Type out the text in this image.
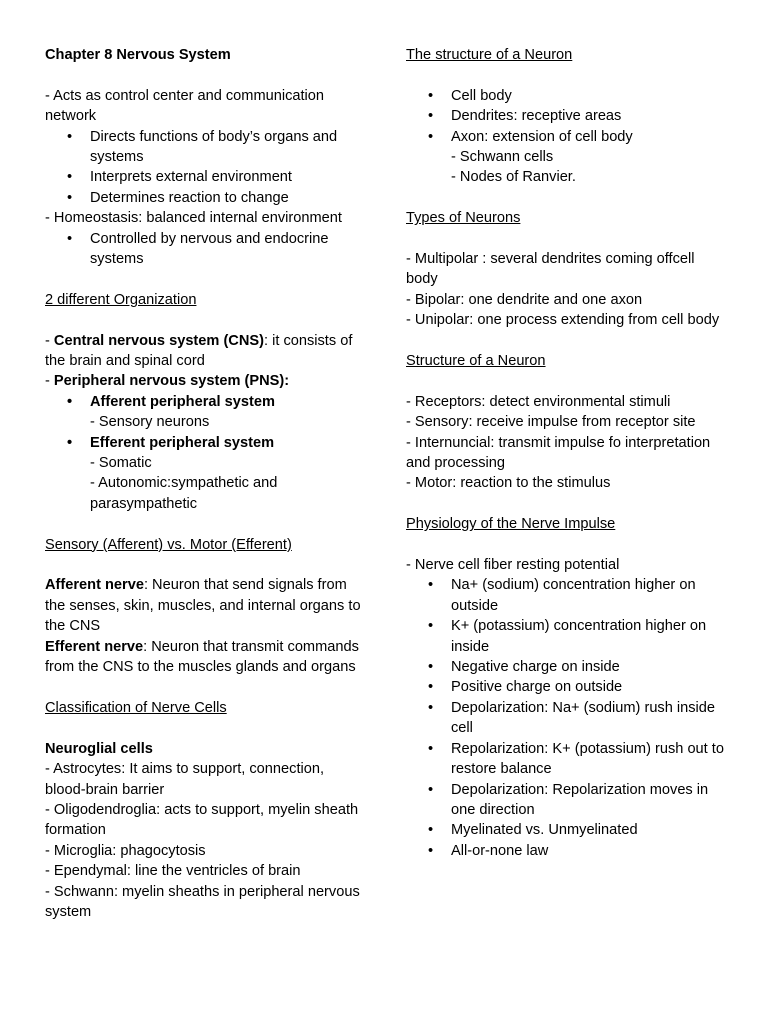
Chapter 8 Nervous System

- Acts as control center and communication network

• Directs functions of body’s organs and systems
• Interprets external environment
• Determines reaction to change

- Homeostasis: balanced internal environment

• Controlled by nervous and endocrine systems

2 different Organization

- Central nervous system (CNS): it consists of the brain and spinal cord

- Peripheral nervous system (PNS):

• Afferent peripheral system

- Sensory neurons

• Efferent peripheral system

- Somatic

- Autonomic:sympathetic and parasympathetic

Sensory (Afferent) vs. Motor (Efferent)

Afferent nerve: Neuron that send signals from the senses, skin, muscles, and internal organs to the CNS

Efferent nerve: Neuron that transmit commands from the CNS to the muscles glands and organs

Classification of Nerve Cells

Neuroglial cells

- Astrocytes: It aims to support, connection, blood-brain barrier

- Oligodendroglia: acts to support, myelin sheath formation

- Microglia: phagocytosis

- Ependymal: line the ventricles of brain

- Schwann: myelin sheaths in peripheral nervous system

The structure of a Neuron

• Cell body
• Dendrites: receptive areas
• Axon: extension of cell body

- Schwann cells

- Nodes of Ranvier.

Types of Neurons

- Multipolar : several dendrites coming offcell body

- Bipolar: one dendrite and one axon

- Unipolar: one process extending from cell body

Structure of a Neuron

- Receptors: detect environmental stimuli

- Sensory: receive impulse from receptor site

- Internuncial: transmit impulse fo interpretation and processing

- Motor: reaction to the stimulus

Physiology of the Nerve Impulse

- Nerve cell fiber resting potential

• Na+ (sodium) concentration higher on outside
• K+ (potassium) concentration higher on inside
• Negative charge on inside
• Positive charge on outside
• Depolarization: Na+ (sodium) rush inside cell
• Repolarization: K+ (potassium) rush out to restore balance
• Depolarization: Repolarization moves in one direction
• Myelinated vs. Unmyelinated
• All-or-none law
